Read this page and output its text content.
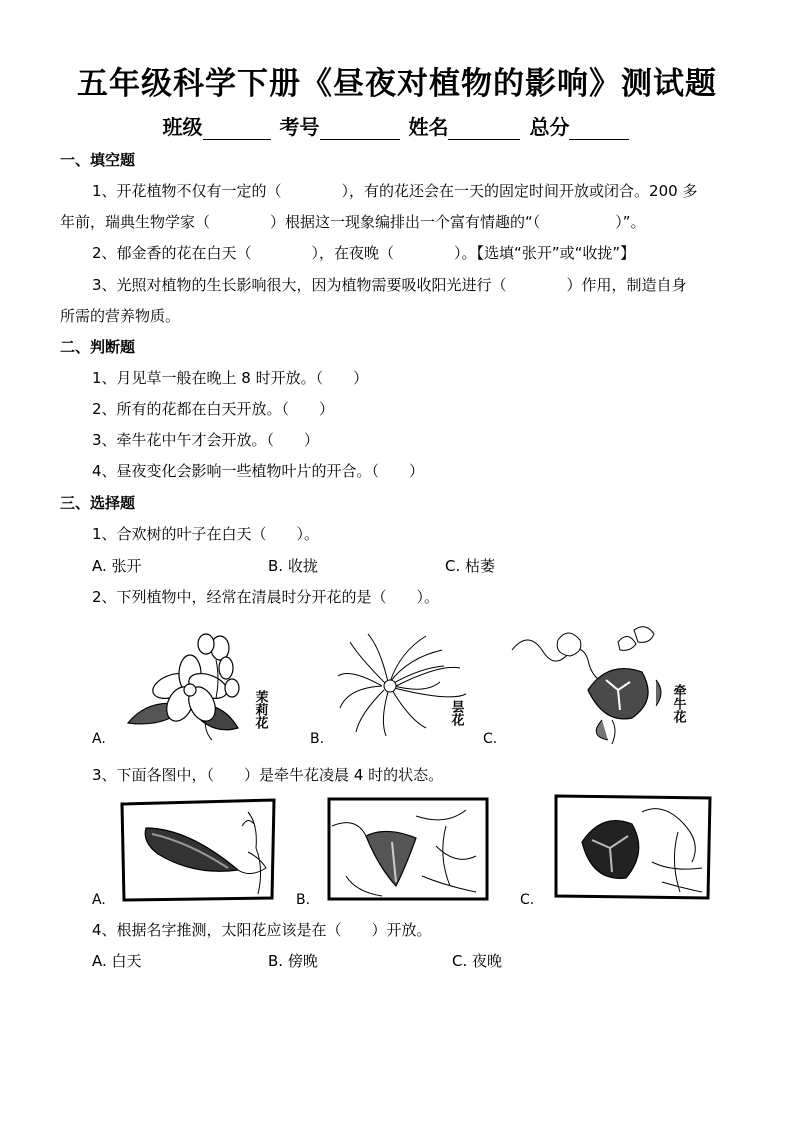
五年级科学下册《昼夜对植物的影响》测试题
班级	考号	姓名	总分
一、填空题
1、开花植物不仅有一定的（　　　　），有的花还会在一天的固定时间开放或闭合。200 多
年前，瑞典生物学家（　　　　）根据这一现象编排出一个富有情趣的“（　　　　　）”。
2、郁金香的花在白天（　　　　），在夜晚（　　　　）。【选填“张开”或“收拢”】
3、光照对植物的生长影响很大，因为植物需要吸收阳光进行（　　　　）作用，制造自身
所需的营养物质。
二、判断题
1、月见草一般在晚上 8 时开放。（　　）
2、所有的花都在白天开放。（　　）
3、牵牛花中午才会开放。（　　）
4、昼夜变化会影响一些植物叶片的开合。（　　）
三、选择题
1、合欢树的叶子在白天（　　）。
A. 张开	B. 收拢	C. 枯萎
2、下列植物中，经常在清晨时分开花的是（　　）。
茉莉花
A.
昙花
B.
牵牛花
C.
3、下面各图中，（　　）是牵牛花凌晨 4 时的状态。
A.	B.	C.
4、根据名字推测，太阳花应该是在（　　）开放。
A. 白天	B. 傍晚	C. 夜晚
